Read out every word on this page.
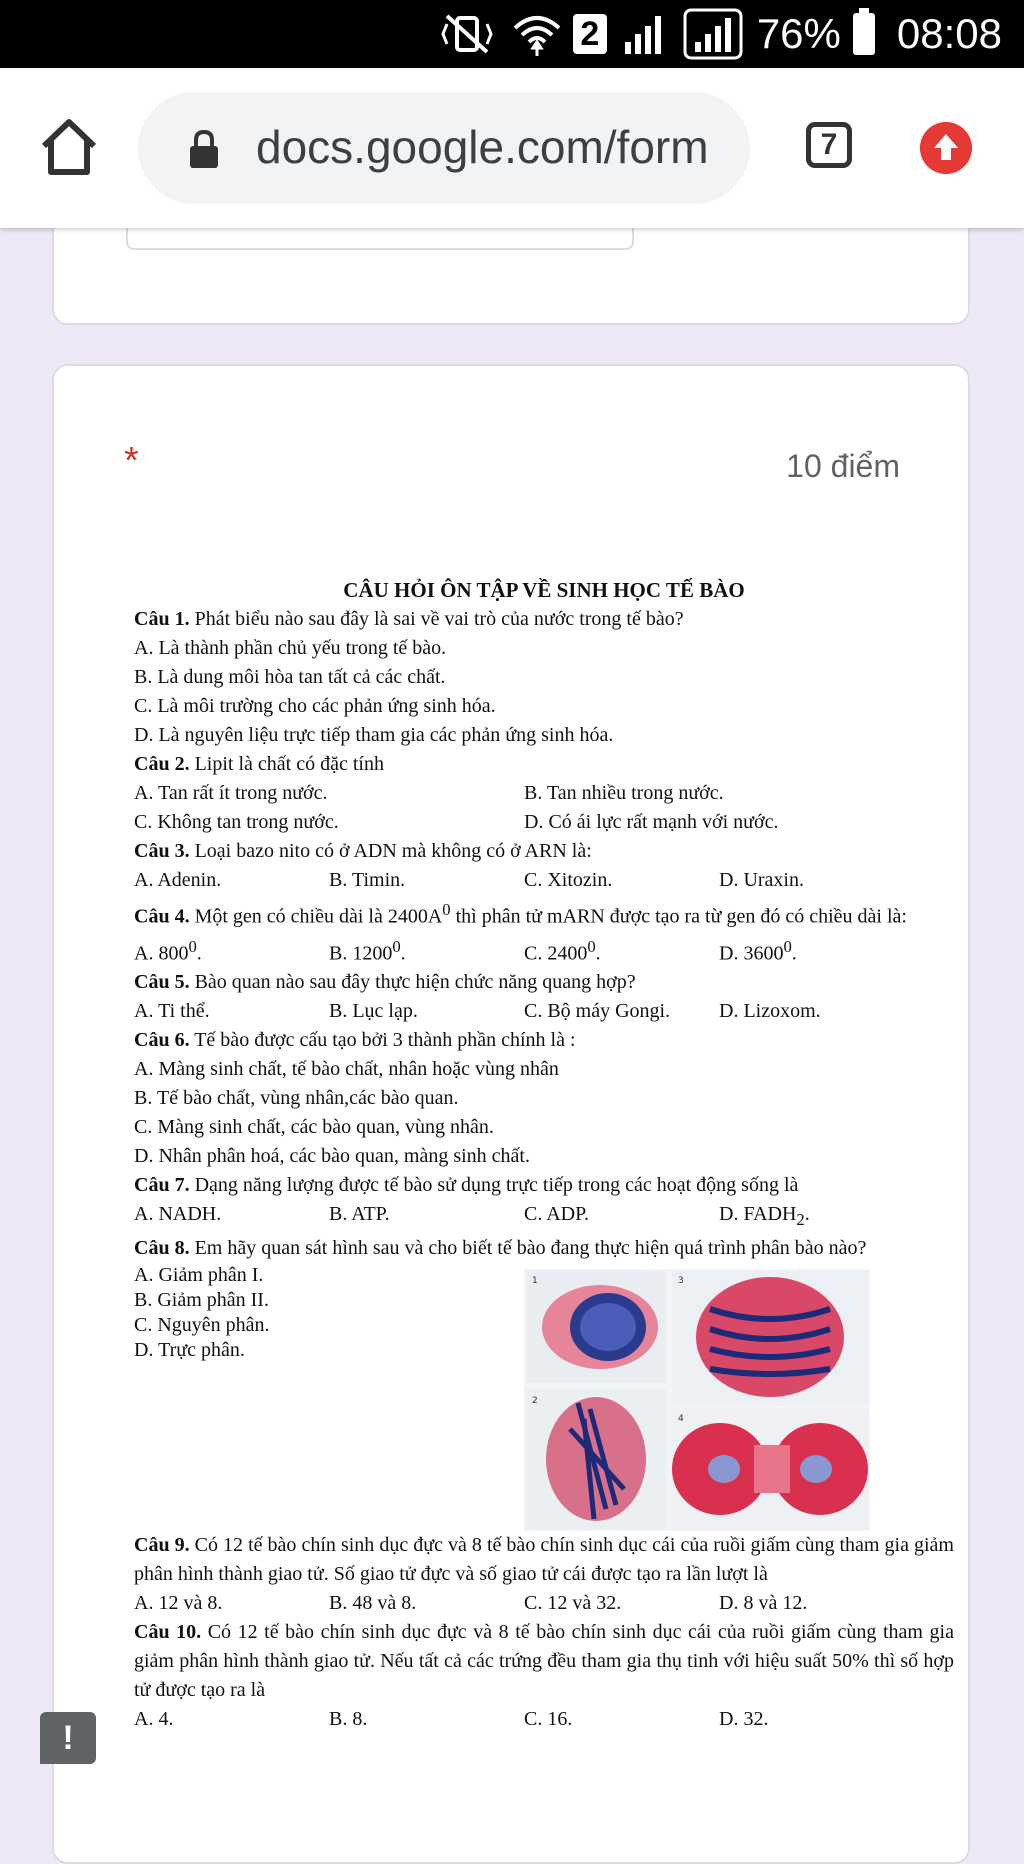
2	76% 08:08
docs.google.com/form	7
*	10 điểm
CÂU HỎI ÔN TẬP VỀ SINH HỌC TẾ BÀO
Câu 1. Phát biểu nào sau đây là sai về vai trò của nước trong tế bào?
A. Là thành phần chủ yếu trong tế bào.
B. Là dung môi hòa tan tất cả các chất.
C. Là môi trường cho các phản ứng sinh hóa.
D. Là nguyên liệu trực tiếp tham gia các phản ứng sinh hóa.
Câu 2. Lipit là chất có đặc tính
A. Tan rất ít trong nước.	B. Tan nhiều trong nước.
C. Không tan trong nước.	D. Có ái lực rất mạnh với nước.
Câu 3. Loại bazo nito có ở ADN mà không có ở ARN là:
A. Adenin.	B. Timin.	C. Xitozin.	D. Uraxin.
Câu 4. Một gen có chiều dài là $2400A^0$ thì phân tử mARN được tạo ra từ gen đó có chiều dài là:
A. $800^0$.	B. 1200$^0$.	C. 2400$^0$.	D. 3600$^0$.
Câu 5. Bào quan nào sau đây thực hiện chức năng quang hợp?
A. Ti thể.	B. Lục lạp.	C. Bộ máy Gongi.	D. Lizoxom.
Câu 6. Tế bào được cấu tạo bởi 3 thành phần chính là :
A. Màng sinh chất, tế bào chất, nhân hoặc vùng nhân
B. Tế bào chất, vùng nhân,các bào quan.
C. Màng sinh chất, các bào quan, vùng nhân.
D. Nhân phân hoá, các bào quan, màng sinh chất.
Câu 7. Dạng năng lượng được tế bào sử dụng trực tiếp trong các hoạt động sống là
A. NADH.	B. ATP.	C. ADP.	D. $FADH_2$.
Câu 8. Em hãy quan sát hình sau và cho biết tế bào đang thực hiện quá trình phân bào nào?
A. Giảm phân I.
B. Giảm phân II.
C. Nguyên phân.
D. Trực phân.
1	3
2
4
Câu 9. Có 12 tế bào chín sinh dục đực và 8 tế bào chín sinh dục cái của ruồi giấm cùng tham gia giảm phân hình thành giao tử. Số giao tử đực và số giao tử cái được tạo ra lần lượt là
A. 12 và 8.	B. 48 và 8.	C. 12 và 32.	D. 8 và 12.
Câu 10. Có 12 tế bào chín sinh dục đực và 8 tế bào chín sinh dục cái của ruồi giấm cùng tham gia giảm phân hình thành giao tử. Nếu tất cả các trứng đều tham gia thụ tinh với hiệu suất 50% thì số hợp tử được tạo ra là
A. 4.	B. 8.	C. 16.	D. 32.
!
